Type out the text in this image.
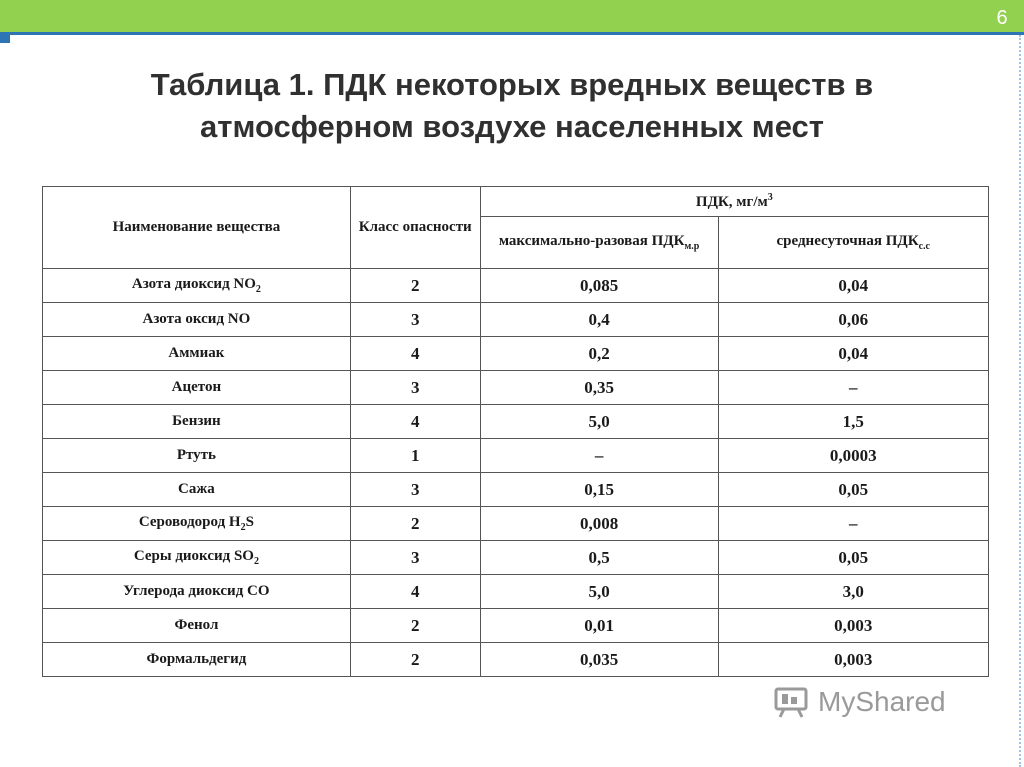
6
Таблица 1. ПДК некоторых вредных веществ в
атмосферном воздухе населенных мест
Наименование вещества	Класс опасности	ПДК, $мг/м^3$
		максимально-разовая $ПДК_{м.р}$	среднесуточная $ПДК_{с.с}$
Азота диоксид $NO_2$	2	0,085	0,04
Азота оксид NO	3	0,4	0,06
Аммиак	4	0,2	0,04
Ацетон	3	0,35	–
Бензин	4	5,0	1,5
Ртуть	1	–	0,0003
Сажа	3	0,15	0,05
Сероводород $H_2S$	2	0,008	–
Серы диоксид $SO_2$	3	0,5	0,05
Углерода диоксид СО	4	5,0	3,0
Фенол	2	0,01	0,003
Формальдегид	2	0,035	0,003
MyShared
